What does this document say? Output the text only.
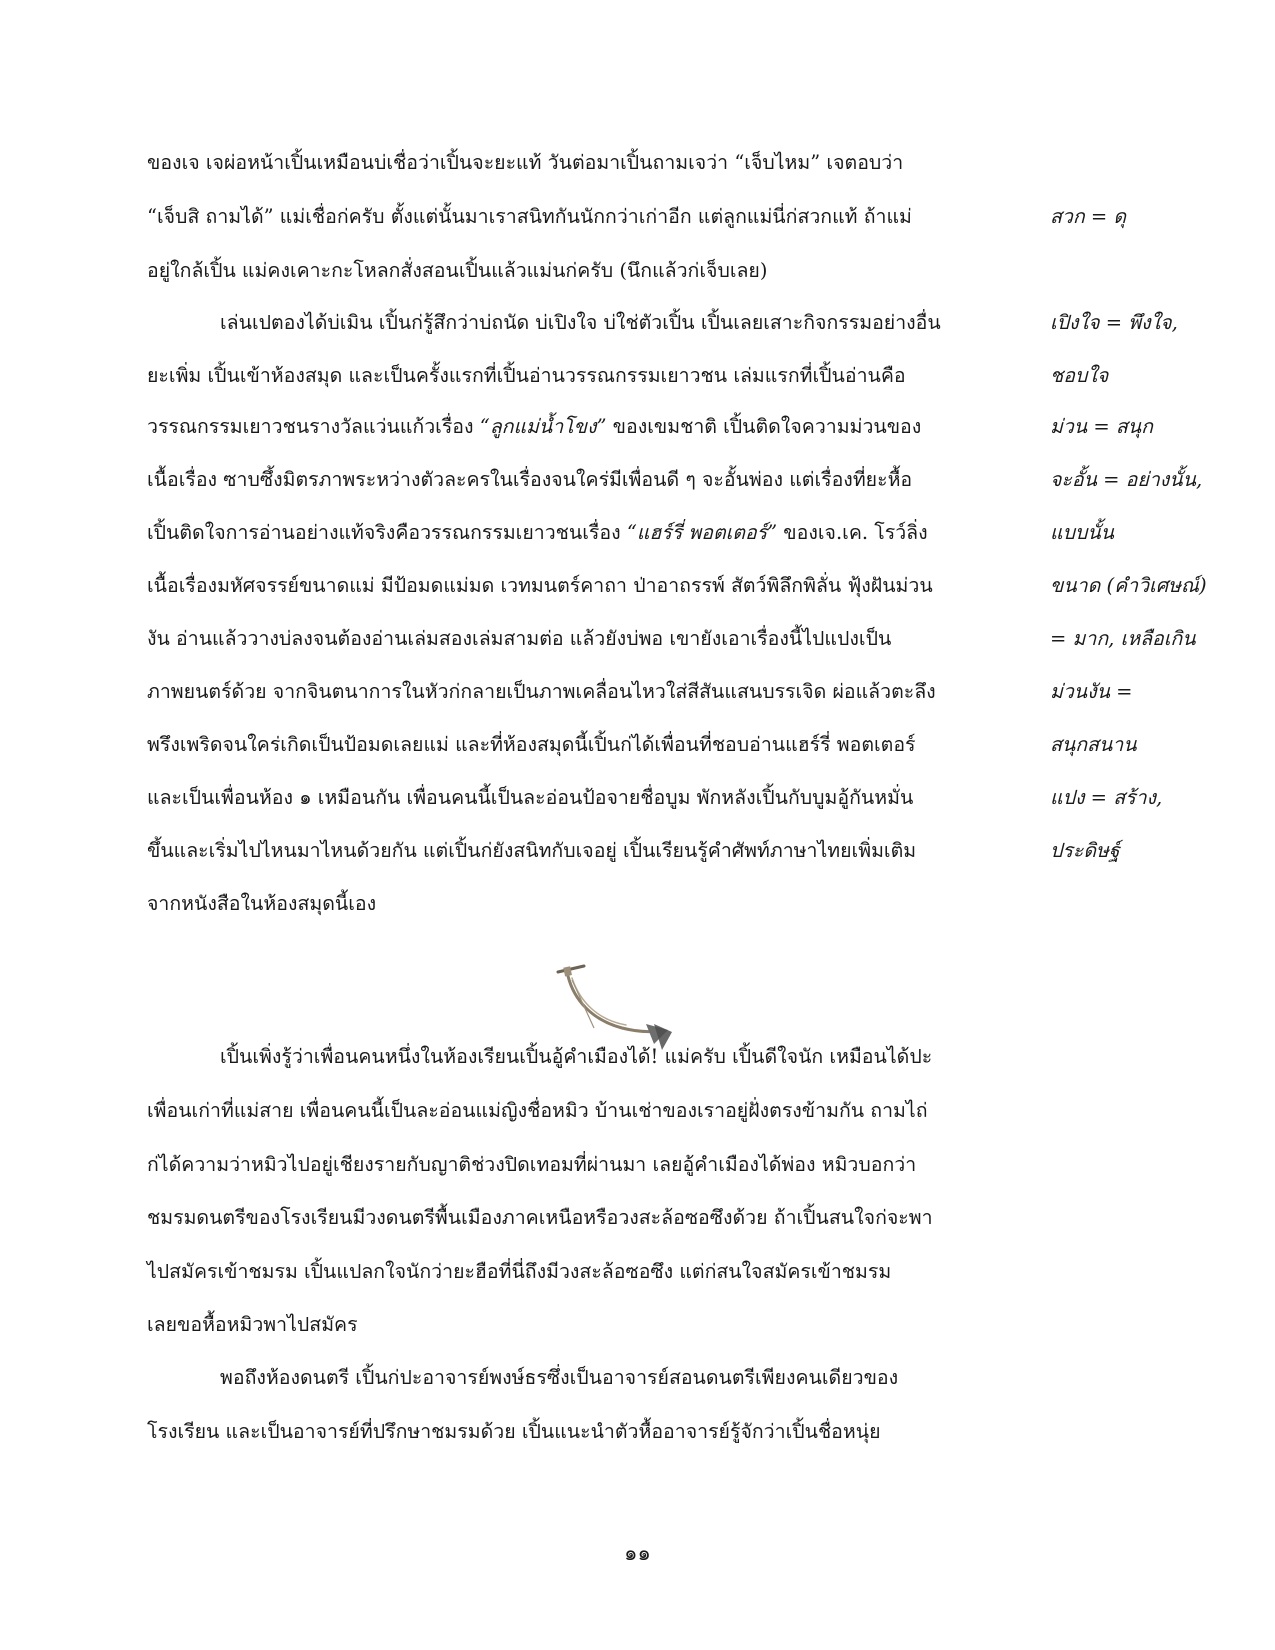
ของเจ เจผ่อหน้าเปิ้นเหมือนบ่เชื่อว่าเปิ้นจะยะแท้ วันต่อมาเปิ้นถามเจว่า “เจ็บไหม” เจตอบว่า
“เจ็บสิ ถามได้” แม่เชื่อก่ครับ ตั้งแต่นั้นมาเราสนิทกันนักกว่าเก่าอีก แต่ลูกแม่นี่ก่สวกแท้ ถ้าแม่
อยู่ใกล้เปิ้น แม่คงเคาะกะโหลกสั่งสอนเปิ้นแล้วแม่นก่ครับ (นึกแล้วก่เจ็บเลย)
เล่นเปตองได้บ่เมิน เปิ้นก่รู้สึกว่าบ่ถนัด บ่เปิงใจ บ่ใช่ตัวเปิ้น เปิ้นเลยเสาะกิจกรรมอย่างอื่น
ยะเพิ่ม เปิ้นเข้าห้องสมุด และเป็นครั้งแรกที่เปิ้นอ่านวรรณกรรมเยาวชน เล่มแรกที่เปิ้นอ่านคือ
วรรณกรรมเยาวชนรางวัลแว่นแก้วเรื่อง “ลูกแม่น้ำโขง” ของเขมชาติ เปิ้นติดใจความม่วนของ
เนื้อเรื่อง ซาบซึ้งมิตรภาพระหว่างตัวละครในเรื่องจนใคร่มีเพื่อนดี ๆ จะอั้นพ่อง แต่เรื่องที่ยะหื้อ
เปิ้นติดใจการอ่านอย่างแท้จริงคือวรรณกรรมเยาวชนเรื่อง “แฮร์รี่ พอตเตอร์” ของเจ.เค. โรว์ลิ่ง
เนื้อเรื่องมหัศจรรย์ขนาดแม่ มีป้อมดแม่มด เวทมนตร์คาถา ป่าอาถรรพ์ สัตว์พิลึกพิลั่น ฟุ้งฝันม่วน
งัน อ่านแล้ววางบ่ลงจนต้องอ่านเล่มสองเล่มสามต่อ แล้วยังบ่พอ เขายังเอาเรื่องนี้ไปแปงเป็น
ภาพยนตร์ด้วย จากจินตนาการในหัวก่กลายเป็นภาพเคลื่อนไหวใส่สีสันแสนบรรเจิด ผ่อแล้วตะลึง
พรึงเพริดจนใคร่เกิดเป็นป้อมดเลยแม่ และที่ห้องสมุดนี้เปิ้นก่ได้เพื่อนที่ชอบอ่านแฮร์รี่ พอตเตอร์
และเป็นเพื่อนห้อง ๑ เหมือนกัน เพื่อนคนนี้เป็นละอ่อนป้อจายชื่อบูม พักหลังเปิ้นกับบูมอู้กันหมั่น
ขึ้นและเริ่มไปไหนมาไหนด้วยกัน แต่เปิ้นก่ยังสนิทกับเจอยู่ เปิ้นเรียนรู้คำศัพท์ภาษาไทยเพิ่มเติม
จากหนังสือในห้องสมุดนี้เอง
สวก = ดุ
เปิงใจ = พึงใจ,
ชอบใจ
ม่วน = สนุก
จะอั้น = อย่างนั้น,
แบบนั้น
ขนาด (คำวิเศษณ์)
= มาก, เหลือเกิน
ม่วนงัน =
สนุกสนาน
แปง = สร้าง,
ประดิษฐ์
เปิ้นเพิ่งรู้ว่าเพื่อนคนหนึ่งในห้องเรียนเปิ้นอู้คำเมืองได้! แม่ครับ เปิ้นดีใจนัก เหมือนได้ปะ
เพื่อนเก่าที่แม่สาย เพื่อนคนนี้เป็นละอ่อนแม่ญิงชื่อหมิว บ้านเช่าของเราอยู่ฝั่งตรงข้ามกัน ถามไถ่
ก่ได้ความว่าหมิวไปอยู่เชียงรายกับญาติช่วงปิดเทอมที่ผ่านมา เลยอู้คำเมืองได้พ่อง หมิวบอกว่า
ชมรมดนตรีของโรงเรียนมีวงดนตรีพื้นเมืองภาคเหนือหรือวงสะล้อซอซึงด้วย ถ้าเปิ้นสนใจก่จะพา
ไปสมัครเข้าชมรม เปิ้นแปลกใจนักว่ายะฮือที่นี่ถึงมีวงสะล้อซอซึง แต่ก่สนใจสมัครเข้าชมรม
เลยขอหื้อหมิวพาไปสมัคร
พอถึงห้องดนตรี เปิ้นก่ปะอาจารย์พงษ์ธรซึ่งเป็นอาจารย์สอนดนตรีเพียงคนเดียวของ
โรงเรียน และเป็นอาจารย์ที่ปรึกษาชมรมด้วย เปิ้นแนะนำตัวหื้ออาจารย์รู้จักว่าเปิ้นชื่อหนุ่ย
๑๑
